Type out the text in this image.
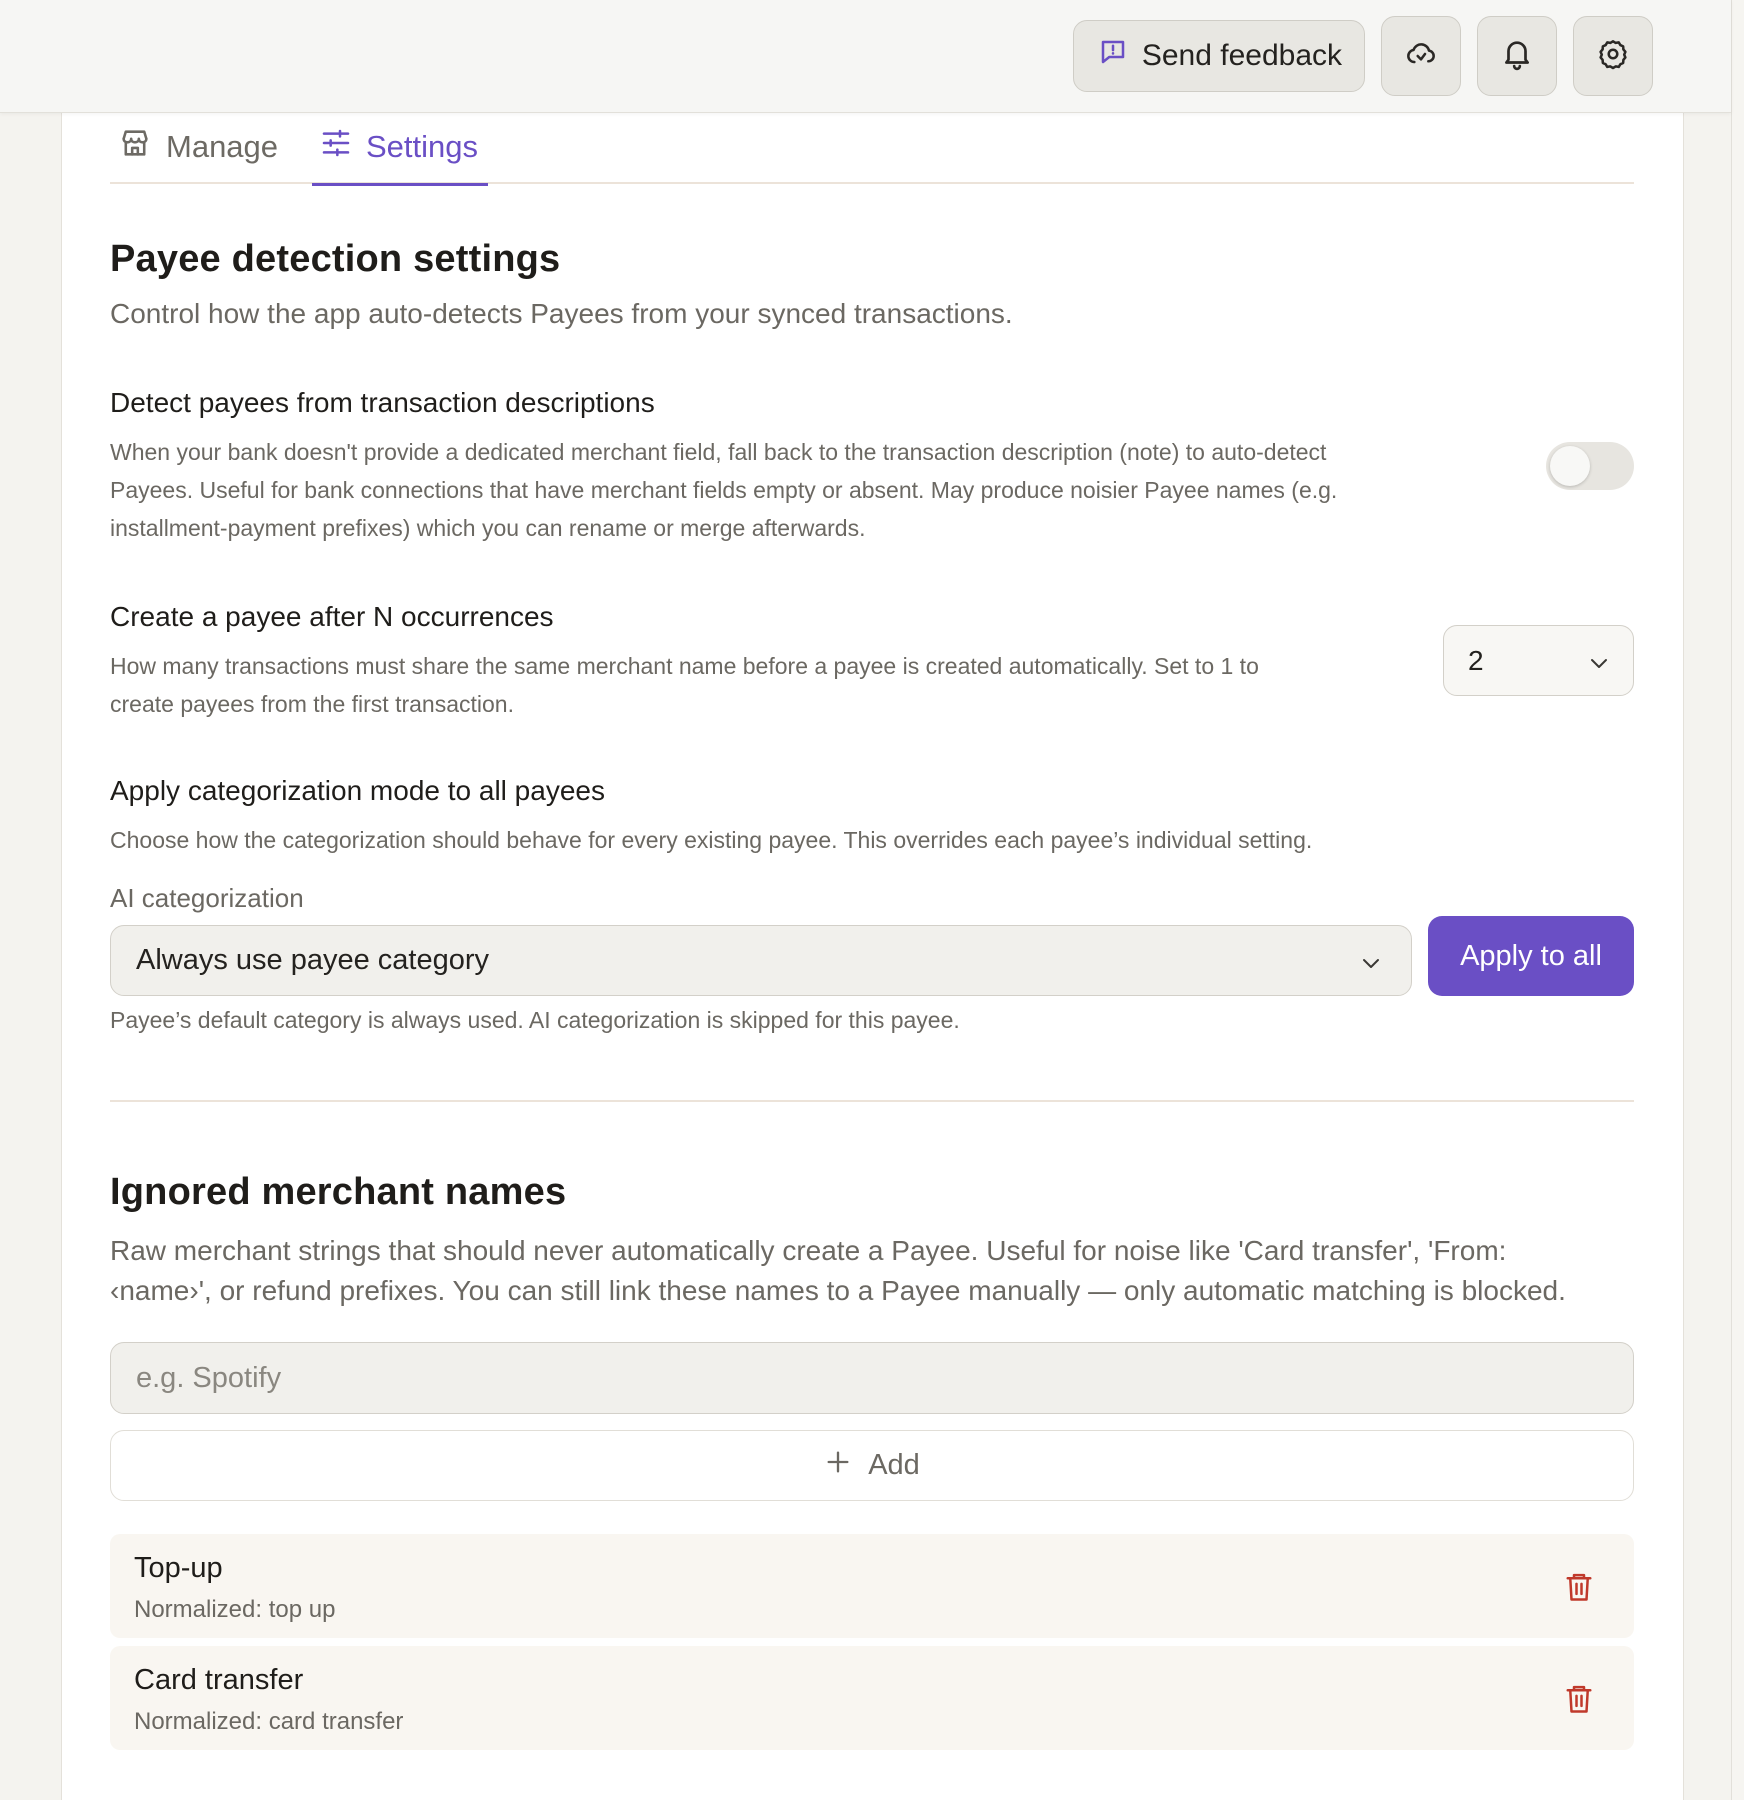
Send feedback
Manage	Settings
Payee detection settings

Control how the app auto-detects Payees from your synced transactions.

Detect payees from transaction descriptions
When your bank doesn't provide a dedicated merchant field, fall back to the transaction description (note) to auto-detect
Payees. Useful for bank connections that have merchant fields empty or absent. May produce noisier Payee names (e.g.
installment-payment prefixes) which you can rename or merge afterwards.
Create a payee after N occurrences
How many transactions must share the same merchant name before a payee is created automatically. Set to 1 to
create payees from the first transaction.
2
Apply categorization mode to all payees
Choose how the categorization should behave for every existing payee. This overrides each payee’s individual setting.
AI categorization
Always use payee category	Apply to all
Payee’s default category is always used. AI categorization is skipped for this payee.
Ignored merchant names
Raw merchant strings that should never automatically create a Payee. Useful for noise like 'Card transfer', 'From:
‹name›', or refund prefixes. You can still link these names to a Payee manually — only automatic matching is blocked.
e.g. Spotify
Add
Top-up
Normalized: top up
Card transfer
Normalized: card transfer
